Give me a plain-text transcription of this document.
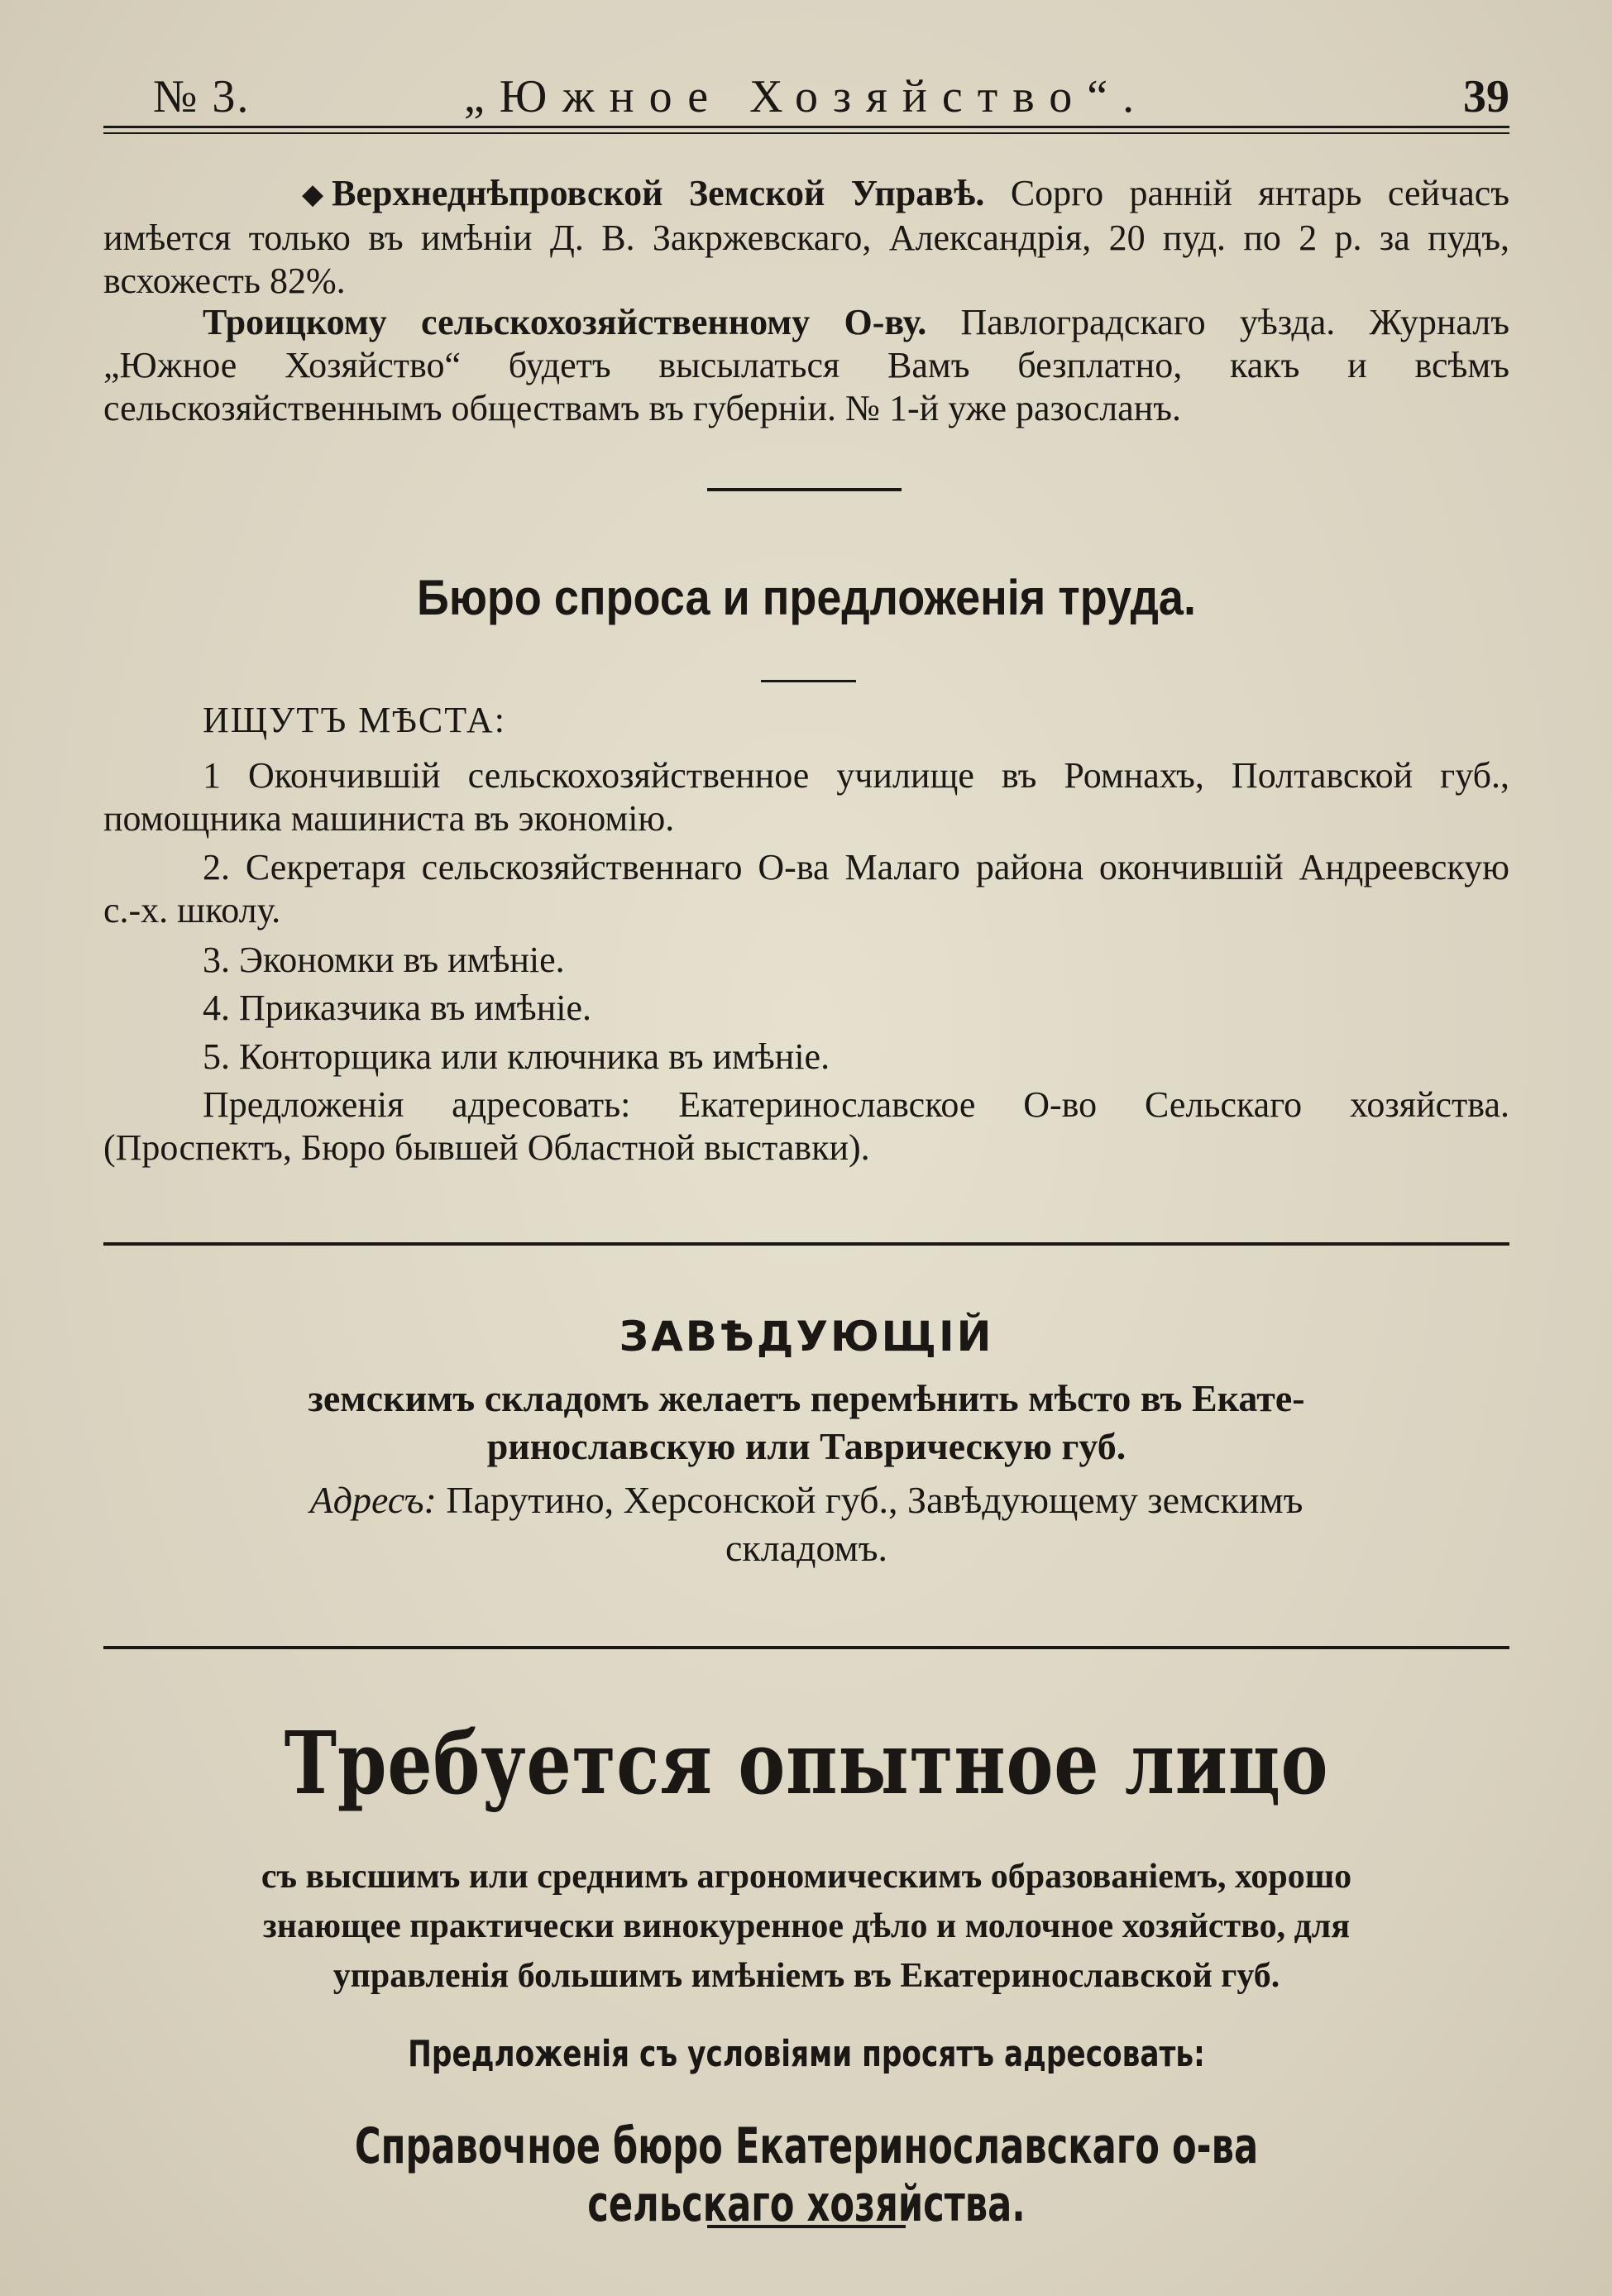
№ 3.	„Южное Хозяйство“.	39
◆ Верхнеднѣпровской Земской Управѣ. Сорго ранній янтарь сейчасъ имѣется только въ имѣніи Д. В. Закржевскаго, Александрія, 20 пуд. по 2 р. за пудъ, всхожесть 82%.
Троицкому сельскохозяйственному О-ву. Павлоградскаго уѣзда. Журналъ „Южное Хозяйство“ будетъ высылаться Вамъ безплатно, какъ и всѣмъ сельскозяйственнымъ обществамъ въ губерніи. № 1-й уже разосланъ.
Бюро спроса и предложенія труда.
ИЩУТЪ МѢСТА:
1 Окончившій сельскохозяйственное училище въ Ромнахъ, Полтавской губ., помощника машиниста въ экономію.
2. Секретаря сельскозяйственнаго О-ва Малаго района окончившій Андреевскую с.-х. школу.
3. Экономки въ имѣніе.
4. Приказчика въ имѣніе.
5. Конторщика или ключника въ имѣніе.
Предложенія адресовать: Екатеринославское О-во Сельскаго хозяйства. (Проспектъ, Бюро бывшей Областной выставки).
ЗАВѢДУЮЩІЙ
земскимъ складомъ желаетъ перемѣнить мѣсто въ Екате-
ринославскую или Таврическую губ.
Адресъ: Парутино, Херсонской губ., Завѣдующему земскимъ
складомъ.
Требуется опытное лицо
съ высшимъ или среднимъ агрономическимъ образованіемъ, хорошо
знающее практически винокуренное дѣло и молочное хозяйство, для
управленія большимъ имѣніемъ въ Екатеринославской губ.
Предложенія съ условіями просятъ адресовать:
Справочное бюро Екатеринославскаго о-ва сельскаго хозяйства.
